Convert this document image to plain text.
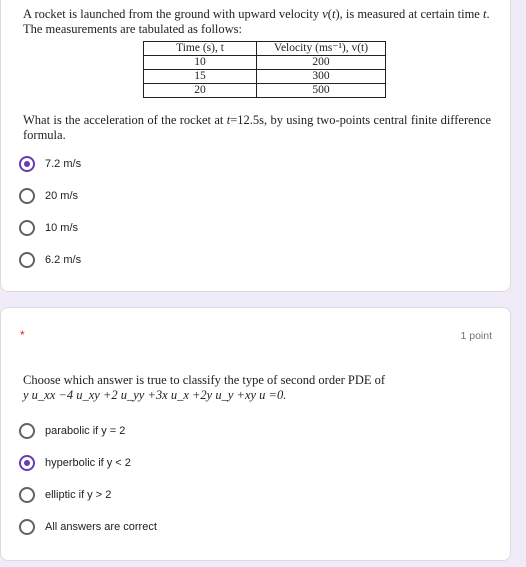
A rocket is launched from the ground with upward velocity v(t), is measured at certain time t.
The measurements are tabulated as follows:
Time (s), t	Velocity (ms⁻¹), v(t)
10	200
15	300
20	500
What is the acceleration of the rocket at t=12.5s, by using two-points central finite difference formula.
7.2 m/s
20 m/s
10 m/s
6.2 m/s
*	1 point
Choose which answer is true to classify the type of second order PDE of
y u_xx −4 u_xy +2 u_yy +3x u_x +2y u_y +xy u =0.
parabolic if y = 2
hyperbolic if y < 2
elliptic if y > 2
All answers are correct
